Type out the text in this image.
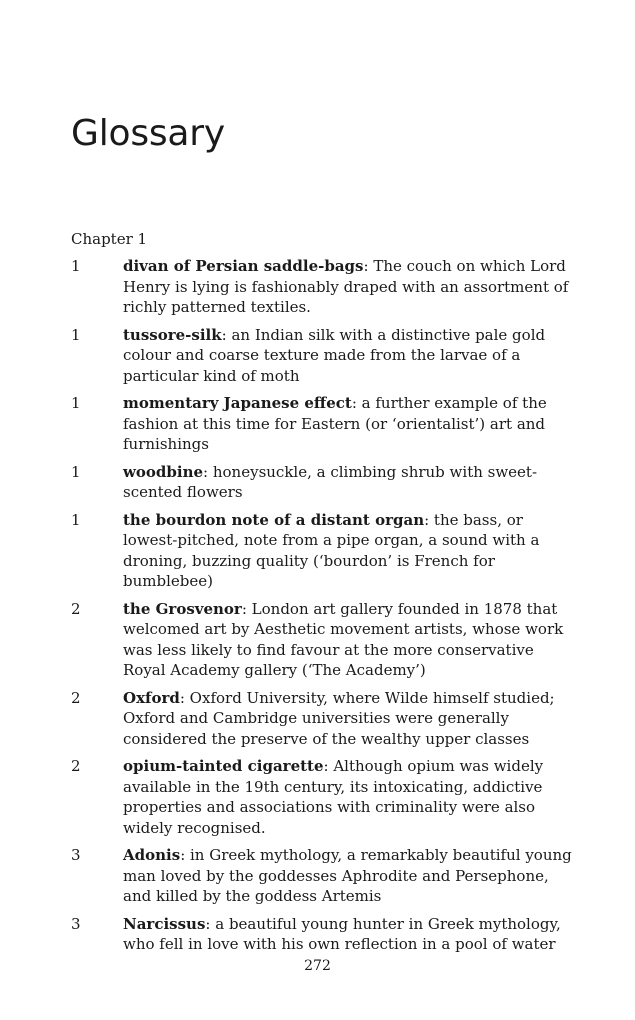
Glossary
Chapter 1
1	divan of Persian saddle-bags: The couch on which Lord Henry is lying is fashionably draped with an assortment of richly patterned textiles.
1	tussore-silk: an Indian silk with a distinctive pale gold colour and coarse texture made from the larvae of a particular kind of moth
1	momentary Japanese effect: a further example of the fashion at this time for Eastern (or ‘orientalist’) art and furnishings
1	woodbine: honeysuckle, a climbing shrub with sweet-scented flowers
1	the bourdon note of a distant organ: the bass, or lowest-pitched, note from a pipe organ, a sound with a droning, buzzing quality (‘bourdon’ is French for bumblebee)
2	the Grosvenor: London art gallery founded in 1878 that welcomed art by Aesthetic movement artists, whose work was less likely to find favour at the more conservative Royal Academy gallery (‘The Academy’)
2	Oxford: Oxford University, where Wilde himself studied; Oxford and Cambridge universities were generally considered the preserve of the wealthy upper classes
2	opium-tainted cigarette: Although opium was widely available in the 19th century, its intoxicating, addictive properties and associations with criminality were also widely recognised.
3	Adonis: in Greek mythology, a remarkably beautiful young man loved by the goddesses Aphrodite and Persephone, and killed by the goddess Artemis
3	Narcissus: a beautiful young hunter in Greek mythology, who fell in love with his own reflection in a pool of water
272
